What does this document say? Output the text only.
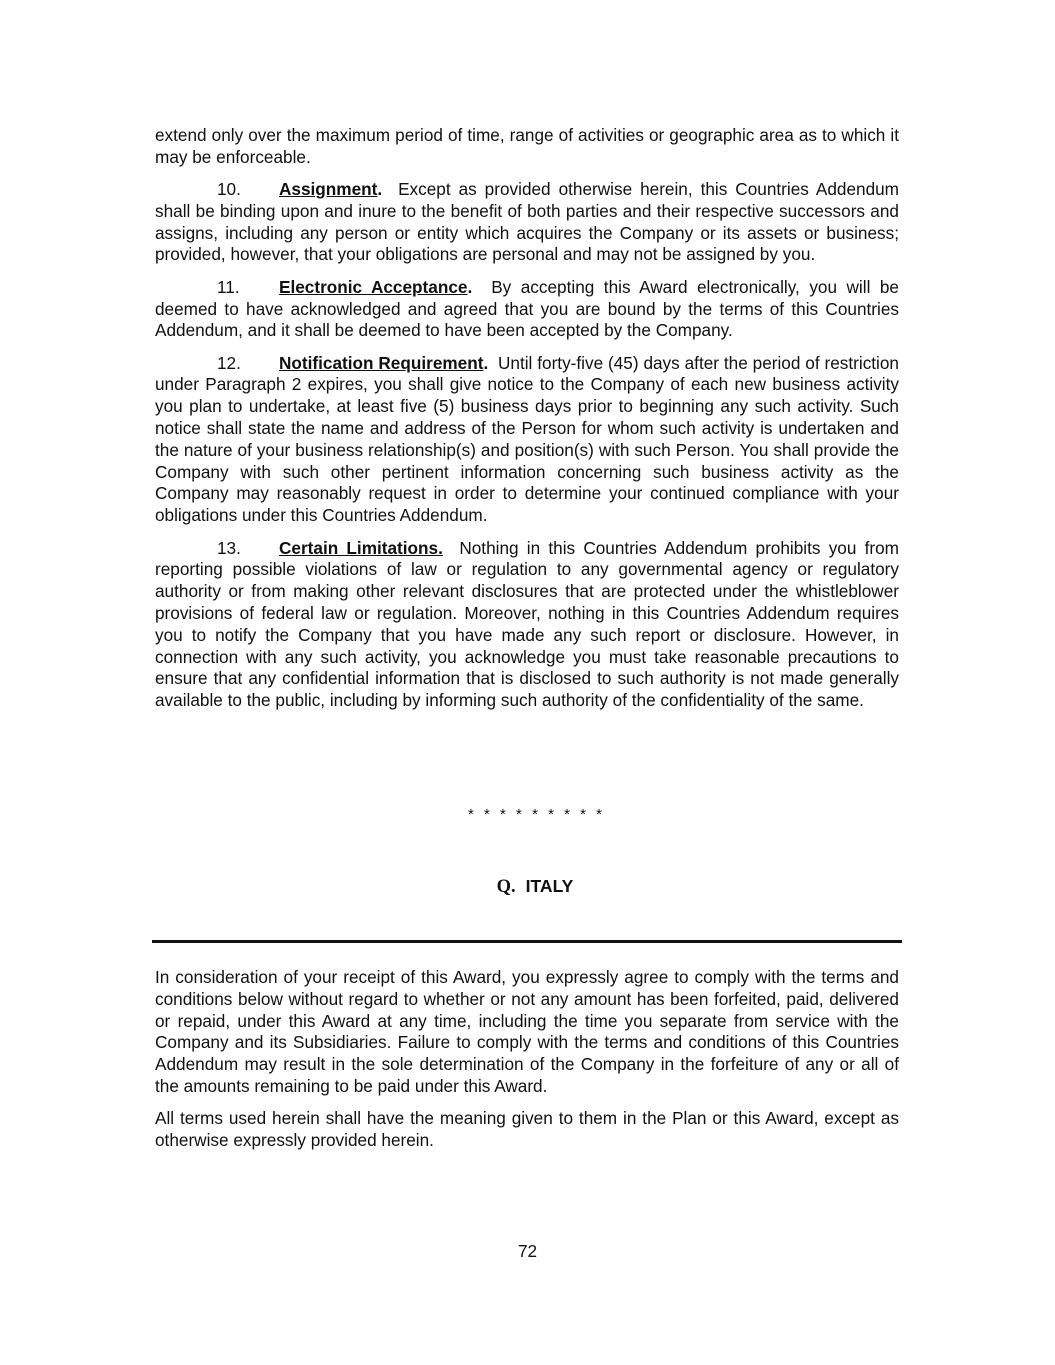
extend only over the maximum period of time, range of activities or geographic area as to which it may be enforceable.

10. Assignment. Except as provided otherwise herein, this Countries Addendum shall be binding upon and inure to the benefit of both parties and their respective successors and assigns, including any person or entity which acquires the Company or its assets or business; provided, however, that your obligations are personal and may not be assigned by you.

11. Electronic Acceptance. By accepting this Award electronically, you will be deemed to have acknowledged and agreed that you are bound by the terms of this Countries Addendum, and it shall be deemed to have been accepted by the Company.

12. Notification Requirement. Until forty-five (45) days after the period of restriction under Paragraph 2 expires, you shall give notice to the Company of each new business activity you plan to undertake, at least five (5) business days prior to beginning any such activity. Such notice shall state the name and address of the Person for whom such activity is undertaken and the nature of your business relationship(s) and position(s) with such Person. You shall provide the Company with such other pertinent information concerning such business activity as the Company may reasonably request in order to determine your continued compliance with your obligations under this Countries Addendum.

13. Certain Limitations. Nothing in this Countries Addendum prohibits you from reporting possible violations of law or regulation to any governmental agency or regulatory authority or from making other relevant disclosures that are protected under the whistleblower provisions of federal law or regulation. Moreover, nothing in this Countries Addendum requires you to notify the Company that you have made any such report or disclosure. However, in connection with any such activity, you acknowledge you must take reasonable precautions to ensure that any confidential information that is disclosed to such authority is not made generally available to the public, including by informing such authority of the confidentiality of the same.

* * * * * * * * *
Q. ITALY

In consideration of your receipt of this Award, you expressly agree to comply with the terms and conditions below without regard to whether or not any amount has been forfeited, paid, delivered or repaid, under this Award at any time, including the time you separate from service with the Company and its Subsidiaries. Failure to comply with the terms and conditions of this Countries Addendum may result in the sole determination of the Company in the forfeiture of any or all of the amounts remaining to be paid under this Award.

All terms used herein shall have the meaning given to them in the Plan or this Award, except as otherwise expressly provided herein.

72
